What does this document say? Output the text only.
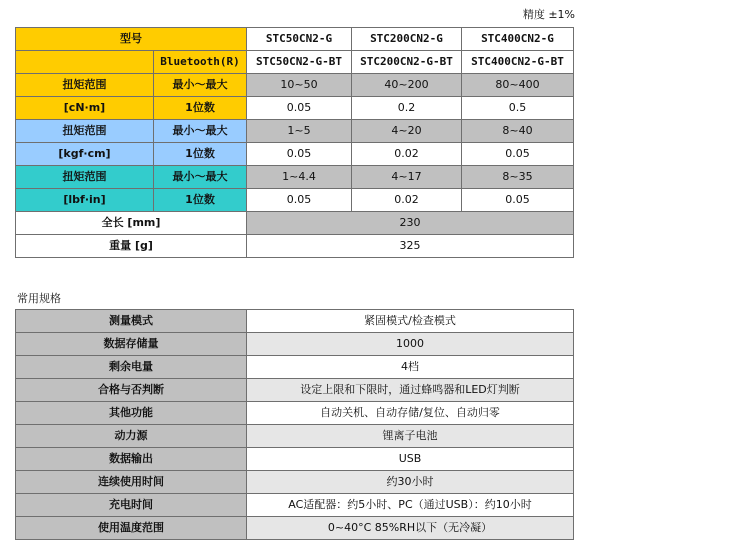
精度 ±1%
型号		STC50CN2-G	STC200CN2-G	STC400CN2-G
	Bluetooth(R)	STC50CN2-G-BT	STC200CN2-G-BT	STC400CN2-G-BT
扭矩范围	最小～最大	10~50	40~200	80~400
[cN·m]	1位数	0.05	0.2	0.5
扭矩范围	最小～最大	1~5	4~20	8~40
[kgf·cm]	1位数	0.05	0.02	0.05
扭矩范围	最小～最大	1~4.4	4~17	8~35
[lbf·in]	1位数	0.05	0.02	0.05
全长 [mm]		230		
重量 [g]		325		
常用规格
测量模式	紧固模式/检查模式
数据存储量	1000
剩余电量	4档
合格与否判断	设定上限和下限时，通过蜂鸣器和LED灯判断
其他功能	自动关机、自动存储/复位、自动归零
动力源	锂离子电池
数据输出	USB
连续使用时间	约30小时
充电时间	AC适配器：约5小时、PC（通过USB）：约10小时
使用温度范围	0~40°C 85%RH以下（无冷凝）
